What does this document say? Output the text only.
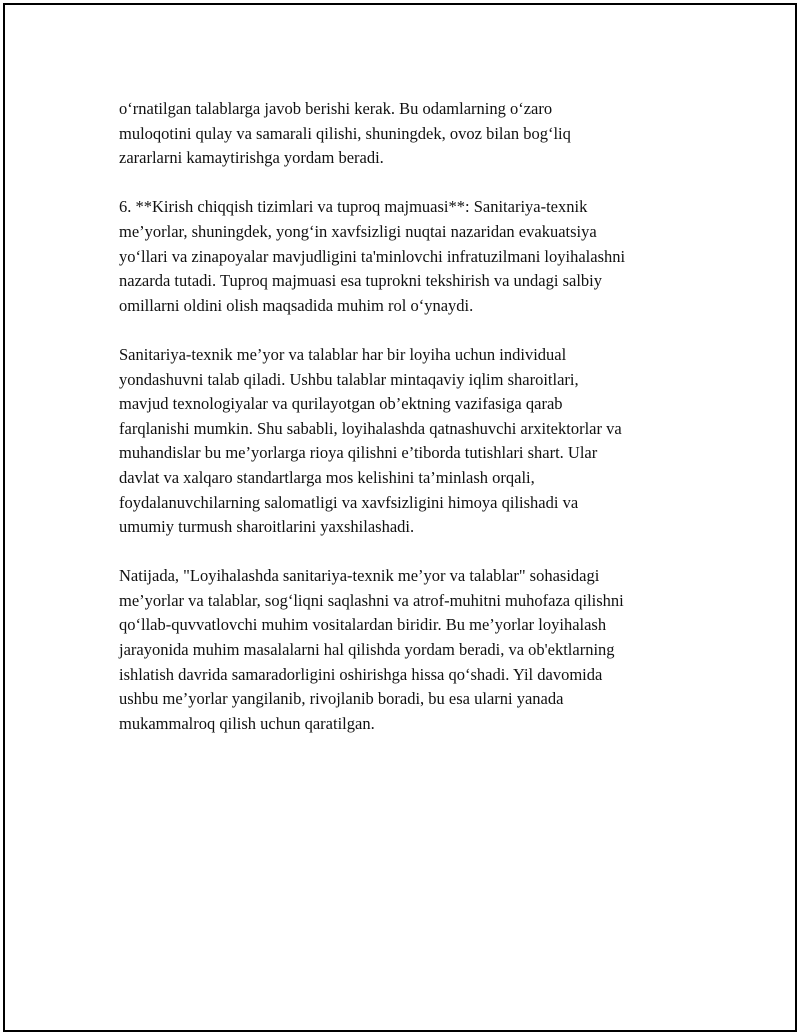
o‘rnatilgan talablarga javob berishi kerak. Bu odamlarning o‘zaro
muloqotini qulay va samarali qilishi, shuningdek, ovoz bilan bog‘liq
zararlarni kamaytirishga yordam beradi.

6. **Kirish chiqqish tizimlari va tuproq majmuasi**: Sanitariya-texnik
me’yorlar, shuningdek, yong‘in xavfsizligi nuqtai nazaridan evakuatsiya
yo‘llari va zinapoyalar mavjudligini ta'minlovchi infratuzilmani loyihalashni
nazarda tutadi. Tuproq majmuasi esa tuprokni tekshirish va undagi salbiy
omillarni oldini olish maqsadida muhim rol o‘ynaydi.

Sanitariya-texnik me’yor va talablar har bir loyiha uchun individual
yondashuvni talab qiladi. Ushbu talablar mintaqaviy iqlim sharoitlari,
mavjud texnologiyalar va qurilayotgan ob’ektning vazifasiga qarab
farqlanishi mumkin. Shu sababli, loyihalashda qatnashuvchi arxitektorlar va
muhandislar bu me’yorlarga rioya qilishni e’tiborda tutishlari shart. Ular
davlat va xalqaro standartlarga mos kelishini ta’minlash orqali,
foydalanuvchilarning salomatligi va xavfsizligini himoya qilishadi va
umumiy turmush sharoitlarini yaxshilashadi.

Natijada, "Loyihalashda sanitariya-texnik me’yor va talablar" sohasidagi
me’yorlar va talablar, sog‘liqni saqlashni va atrof-muhitni muhofaza qilishni
qo‘llab-quvvatlovchi muhim vositalardan biridir. Bu me’yorlar loyihalash
jarayonida muhim masalalarni hal qilishda yordam beradi, va ob'ektlarning
ishlatish davrida samaradorligini oshirishga hissa qo‘shadi. Yil davomida
ushbu me’yorlar yangilanib, rivojlanib boradi, bu esa ularni yanada
mukammalroq qilish uchun qaratilgan.
